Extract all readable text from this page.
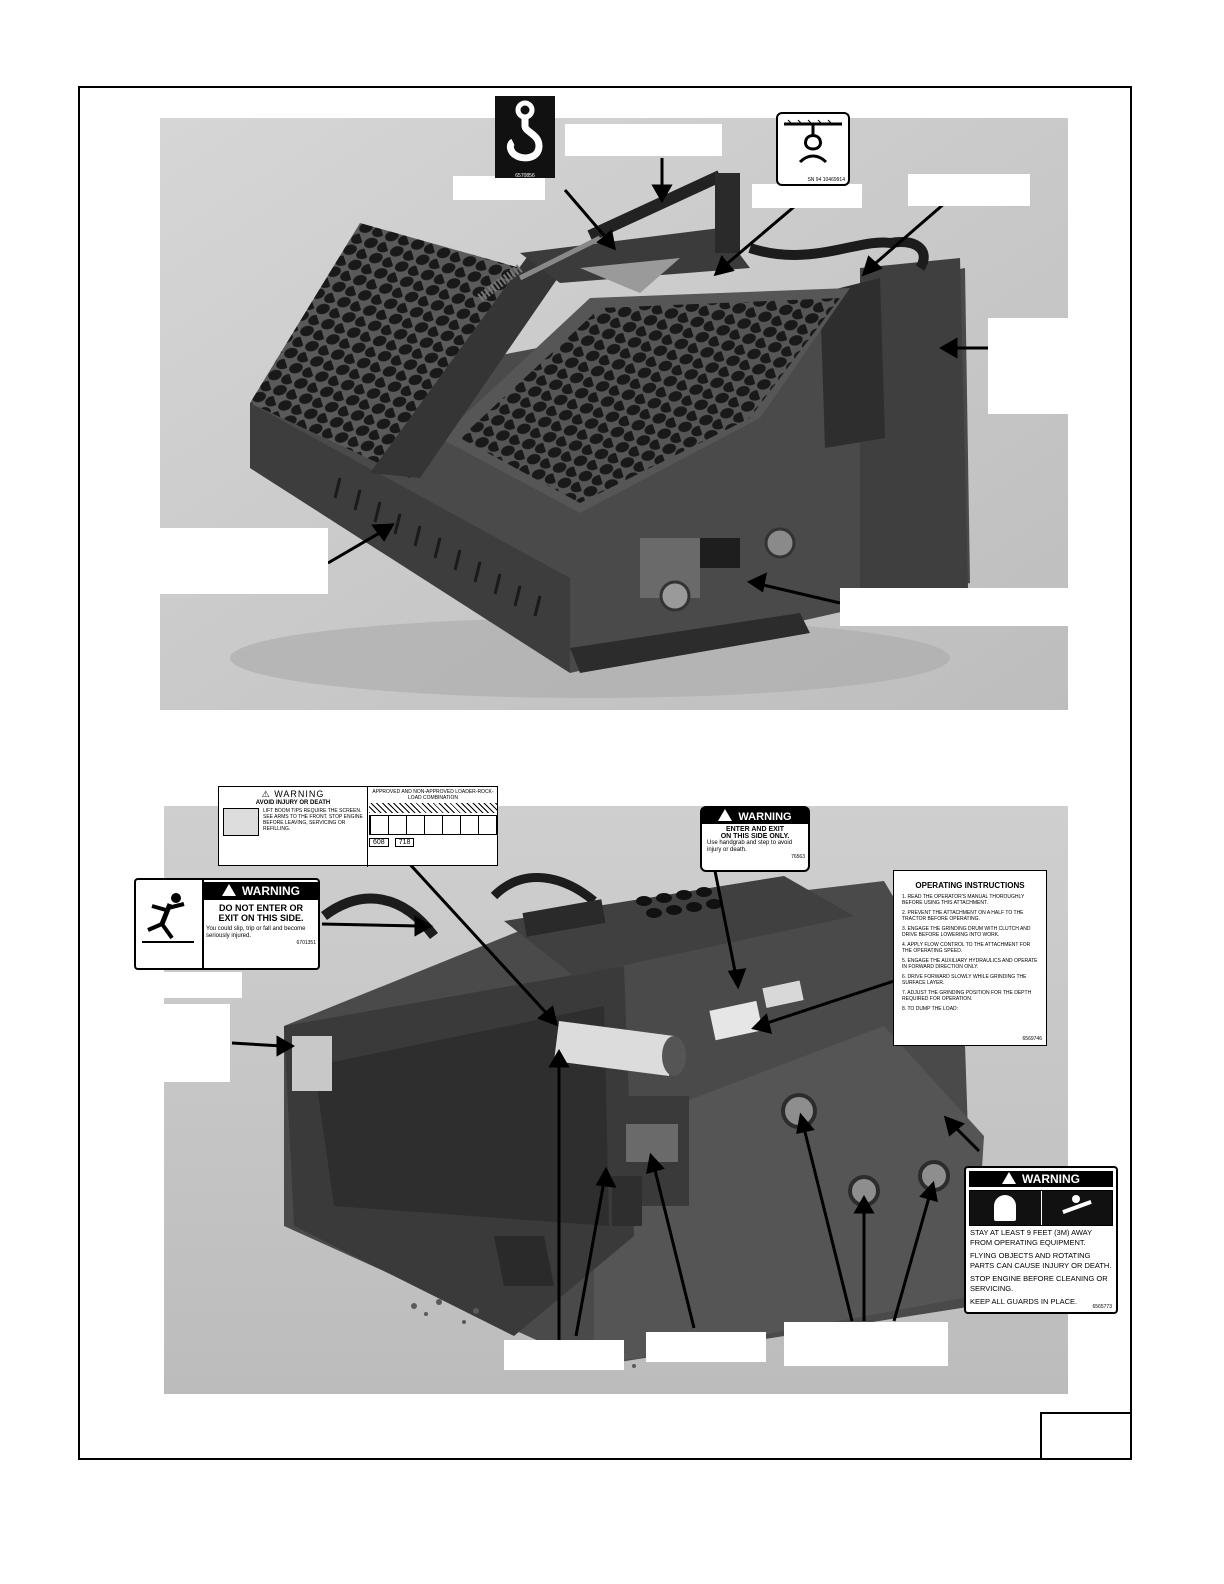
6570856
SN 94 10469914
⚠ WARNING
AVOID INJURY OR DEATH
LIFT BOOM TIPS REQUIRE THE SCREEN. SEE ARMS TO THE FRONT. STOP ENGINE BEFORE LEAVING, SERVICING OR REFILLING.
APPROVED AND NON-APPROVED LOADER-ROCK-LOAD COMBINATION
608	718
WARNING
ENTER AND EXIT
ON THIS SIDE ONLY.
Use handgrab and step to avoid injury or death.
76563
WARNING
DO NOT ENTER OR
EXIT ON THIS SIDE.
You could slip, trip or fall and become seriously injured.
6701351
OPERATING INSTRUCTIONS
1. READ THE OPERATOR'S MANUAL THOROUGHLY BEFORE USING THIS ATTACHMENT.
2. PREVENT THE ATTACHMENT ON A HALF TO THE TRACTOR BEFORE OPERATING.
3. ENGAGE THE GRINDING DRUM WITH CLUTCH AND DRIVE BEFORE LOWERING INTO WORK.
4. APPLY FLOW CONTROL TO THE ATTACHMENT FOR THE OPERATING SPEED.
5. ENGAGE THE AUXILIARY HYDRAULICS AND OPERATE IN FORWARD DIRECTION ONLY.
6. DRIVE FORWARD SLOWLY WHILE GRINDING THE SURFACE LAYER.
7. ADJUST THE GRINDING POSITION FOR THE DEPTH REQUIRED FOR OPERATION.
8. TO DUMP THE LOAD:
6569746
WARNING
STAY AT LEAST 9 FEET (3M) AWAY FROM OPERATING EQUIPMENT.
FLYING OBJECTS AND ROTATING PARTS CAN CAUSE INJURY OR DEATH.
STOP ENGINE BEFORE CLEANING OR SERVICING.
KEEP ALL GUARDS IN PLACE.
6565773
